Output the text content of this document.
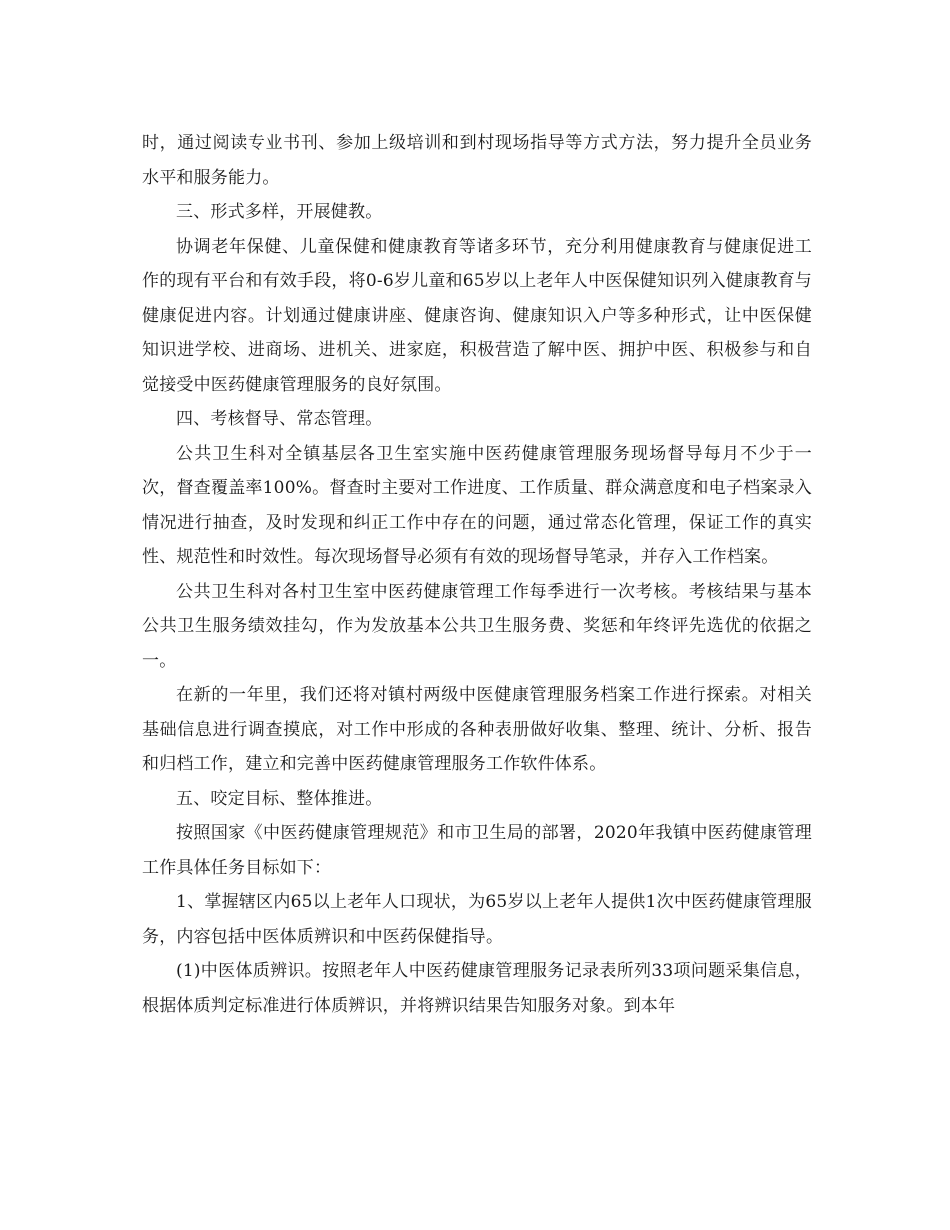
时，通过阅读专业书刊、参加上级培训和到村现场指导等方式方法，努力提升全员业务水平和服务能力。

三、形式多样，开展健教。

协调老年保健、儿童保健和健康教育等诸多环节，充分利用健康教育与健康促进工作的现有平台和有效手段，将0-6岁儿童和65岁以上老年人中医保健知识列入健康教育与健康促进内容。计划通过健康讲座、健康咨询、健康知识入户等多种形式，让中医保健知识进学校、进商场、进机关、进家庭，积极营造了解中医、拥护中医、积极参与和自觉接受中医药健康管理服务的良好氛围。

四、考核督导、常态管理。

公共卫生科对全镇基层各卫生室实施中医药健康管理服务现场督导每月不少于一次，督查覆盖率100%。督查时主要对工作进度、工作质量、群众满意度和电子档案录入情况进行抽查，及时发现和纠正工作中存在的问题，通过常态化管理，保证工作的真实性、规范性和时效性。每次现场督导必须有有效的现场督导笔录，并存入工作档案。

公共卫生科对各村卫生室中医药健康管理工作每季进行一次考核。考核结果与基本公共卫生服务绩效挂勾，作为发放基本公共卫生服务费、奖惩和年终评先选优的依据之一。

在新的一年里，我们还将对镇村两级中医健康管理服务档案工作进行探索。对相关基础信息进行调查摸底，对工作中形成的各种表册做好收集、整理、统计、分析、报告和归档工作，建立和完善中医药健康管理服务工作软件体系。

五、咬定目标、整体推进。

按照国家《中医药健康管理规范》和市卫生局的部署，2020年我镇中医药健康管理工作具体任务目标如下：

1、掌握辖区内65以上老年人口现状，为65岁以上老年人提供1次中医药健康管理服务，内容包括中医体质辨识和中医药保健指导。

(1)中医体质辨识。按照老年人中医药健康管理服务记录表所列33项问题采集信息，根据体质判定标准进行体质辨识，并将辨识结果告知服务对象。到本年
